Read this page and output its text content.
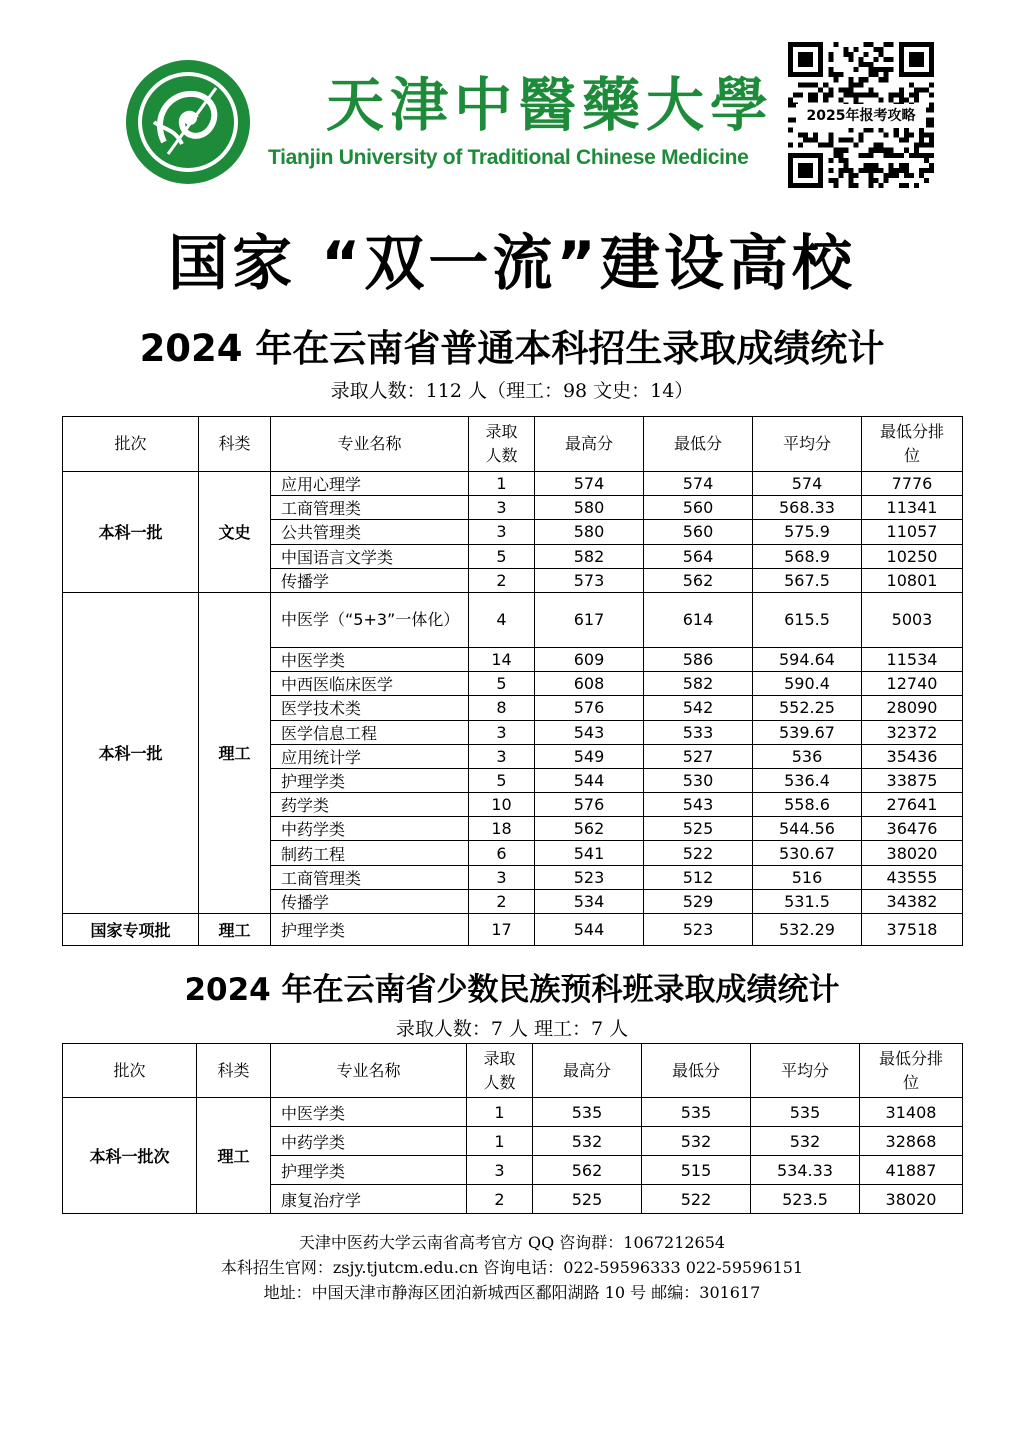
天津中醫藥大學
Tianjin University of Traditional Chinese Medicine
2025年报考攻略
国家 “双一流”建设高校
2024 年在云南省普通本科招生录取成绩统计
录取人数：112 人（理工：98 文史：14）
批次	科类	专业名称	录取人数	最高分	最低分	平均分	最低分排位
本科一批	文史	应用心理学	1	574	574	574	7776
		工商管理类	3	580	560	568.33	11341
		公共管理类	3	580	560	575.9	11057
		中国语言文学类	5	582	564	568.9	10250
		传播学	2	573	562	567.5	10801
本科一批	理工	中医学（“5+3”一体化）	4	617	614	615.5	5003
		中医学类	14	609	586	594.64	11534
		中西医临床医学	5	608	582	590.4	12740
		医学技术类	8	576	542	552.25	28090
		医学信息工程	3	543	533	539.67	32372
		应用统计学	3	549	527	536	35436
		护理学类	5	544	530	536.4	33875
		药学类	10	576	543	558.6	27641
		中药学类	18	562	525	544.56	36476
		制药工程	6	541	522	530.67	38020
		工商管理类	3	523	512	516	43555
		传播学	2	534	529	531.5	34382
国家专项批	理工	护理学类	17	544	523	532.29	37518
2024 年在云南省少数民族预科班录取成绩统计
录取人数：7 人 理工：7 人
批次	科类	专业名称	录取人数	最高分	最低分	平均分	最低分排位
本科一批次	理工	中医学类	1	535	535	535	31408
		中药学类	1	532	532	532	32868
		护理学类	3	562	515	534.33	41887
		康复治疗学	2	525	522	523.5	38020
天津中医药大学云南省高考官方 QQ 咨询群：1067212654
本科招生官网：zsjy.tjutcm.edu.cn 咨询电话：022-59596333 022-59596151
地址：中国天津市静海区团泊新城西区鄱阳湖路 10 号 邮编：301617
